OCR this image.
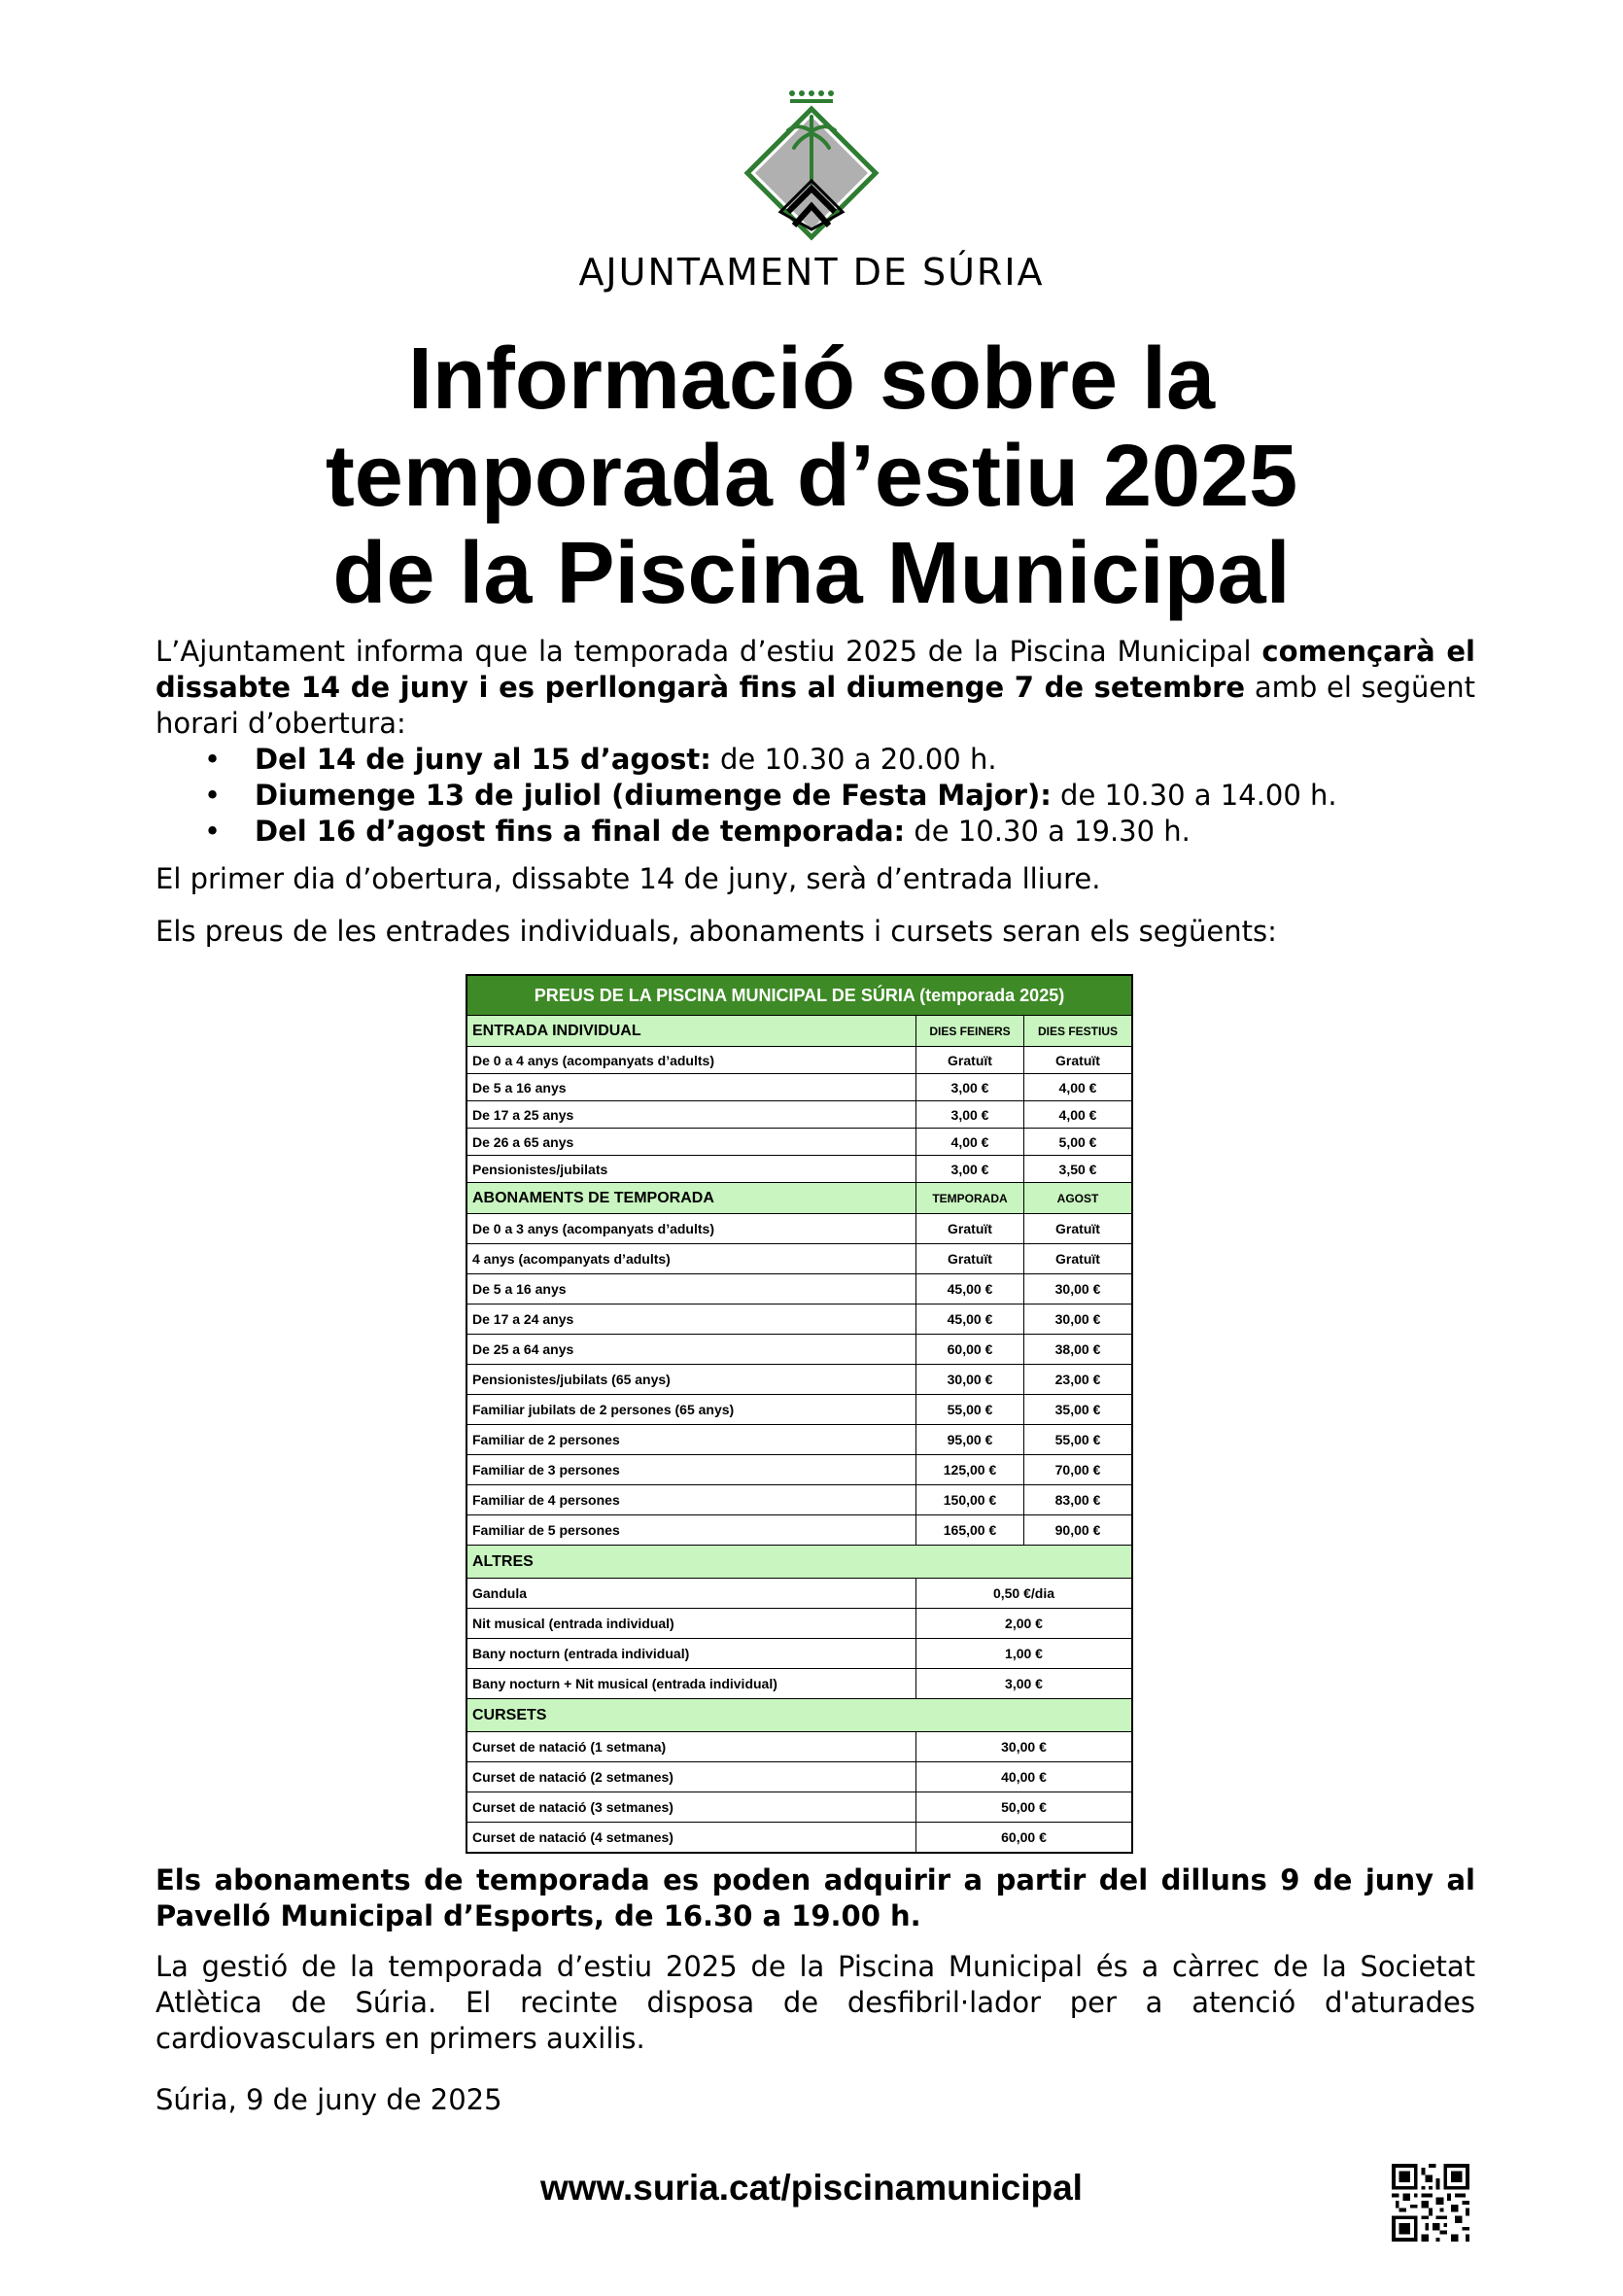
AJUNTAMENT DE SÚRIA
Informació sobre la
temporada d’estiu 2025
de la Piscina Municipal

L’Ajuntament informa que la temporada d’estiu 2025 de la Piscina Municipal començarà el dissabte 14 de juny i es perllongarà fins al diumenge 7 de setembre amb el següent horari d’obertura:

• Del 14 de juny al 15 d’agost: de 10.30 a 20.00 h.
• Diumenge 13 de juliol (diumenge de Festa Major): de 10.30 a 14.00 h.
• Del 16 d’agost fins a final de temporada: de 10.30 a 19.30 h.

El primer dia d’obertura, dissabte 14 de juny, serà d’entrada lliure.

Els preus de les entrades individuals, abonaments i cursets seran els següents:

PREUS DE LA PISCINA MUNICIPAL DE SÚRIA (temporada 2025)		
ENTRADA INDIVIDUAL	DIES FEINERS	DIES FESTIUS
De 0 a 4 anys (acompanyats d’adults)	Gratuït	Gratuït
De 5 a 16 anys	3,00 €	4,00 €
De 17 a 25 anys	3,00 €	4,00 €
De 26 a 65 anys	4,00 €	5,00 €
Pensionistes/jubilats	3,00 €	3,50 €
ABONAMENTS DE TEMPORADA	TEMPORADA	AGOST
De 0 a 3 anys (acompanyats d’adults)	Gratuït	Gratuït
4 anys (acompanyats d’adults)	Gratuït	Gratuït
De 5 a 16 anys	45,00 €	30,00 €
De 17 a 24 anys	45,00 €	30,00 €
De 25 a 64 anys	60,00 €	38,00 €
Pensionistes/jubilats (65 anys)	30,00 €	23,00 €
Familiar jubilats de 2 persones (65 anys)	55,00 €	35,00 €
Familiar de 2 persones	95,00 €	55,00 €
Familiar de 3 persones	125,00 €	70,00 €
Familiar de 4 persones	150,00 €	83,00 €
Familiar de 5 persones	165,00 €	90,00 €
ALTRES		
Gandula	0,50 €/dia	
Nit musical (entrada individual)	2,00 €	
Bany nocturn (entrada individual)	1,00 €	
Bany nocturn + Nit musical (entrada individual)	3,00 €	
CURSETS		
Curset de natació (1 setmana)	30,00 €	
Curset de natació (2 setmanes)	40,00 €	
Curset de natació (3 setmanes)	50,00 €	
Curset de natació (4 setmanes)	60,00 €	

Els abonaments de temporada es poden adquirir a partir del dilluns 9 de juny al Pavelló Municipal d’Esports, de 16.30 a 19.00 h.

La gestió de la temporada d’estiu 2025 de la Piscina Municipal és a càrrec de la Societat Atlètica de Súria. El recinte disposa de desfibril·lador per a atenció d'aturades cardiovasculars en primers auxilis.

Súria, 9 de juny de 2025

www.suria.cat/piscinamunicipal
